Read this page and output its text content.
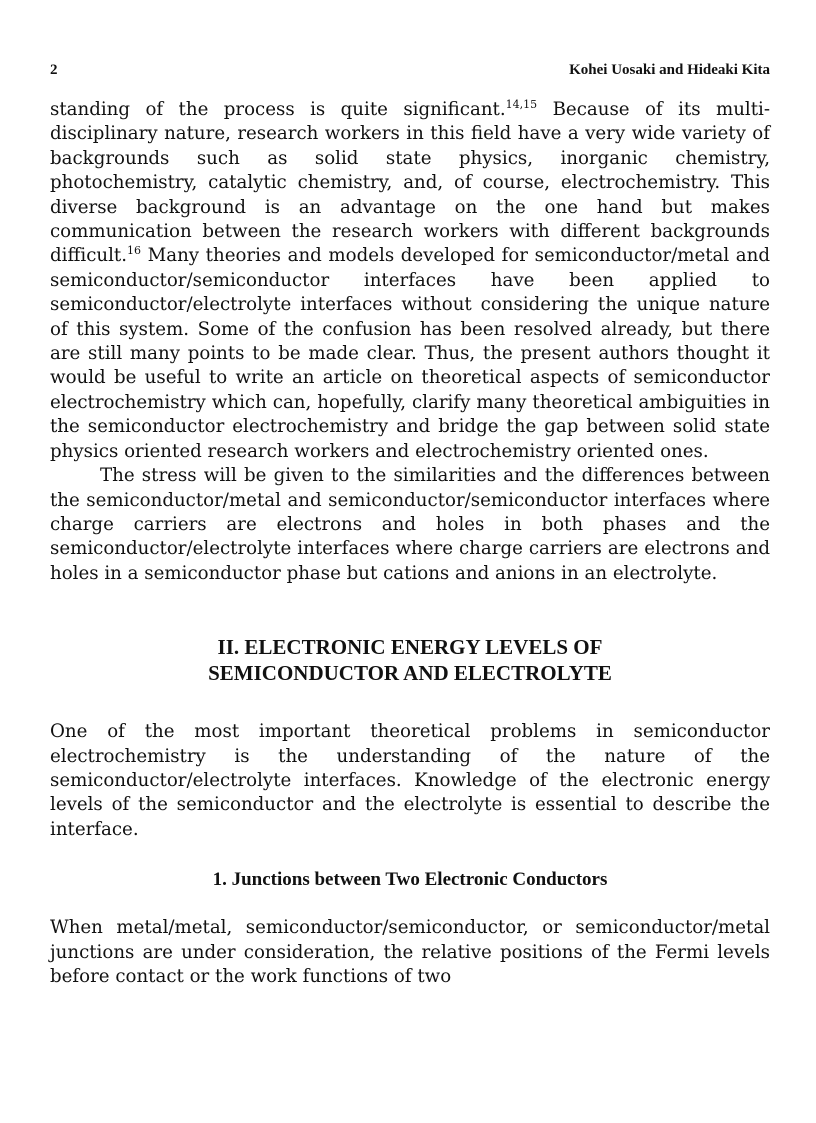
2	Kohei Uosaki and Hideaki Kita

standing of the process is quite significant.$^{14,15}$ Because of its multi-disciplinary nature, research workers in this field have a very wide variety of backgrounds such as solid state physics, inorganic chemistry, photochemistry, catalytic chemistry, and, of course, electrochemistry. This diverse background is an advantage on the one hand but makes communication between the research workers with different backgrounds difficult.$^{16}$ Many theories and models developed for semiconductor/metal and semiconductor/semiconductor interfaces have been applied to semiconductor/electrolyte interfaces without considering the unique nature of this system. Some of the confusion has been resolved already, but there are still many points to be made clear. Thus, the present authors thought it would be useful to write an article on theoretical aspects of semiconductor electrochemistry which can, hopefully, clarify many theoretical ambiguities in the semiconductor electrochemistry and bridge the gap between solid state physics oriented research workers and electrochemistry oriented ones.

The stress will be given to the similarities and the differences between the semiconductor/metal and semiconductor/semiconductor interfaces where charge carriers are electrons and holes in both phases and the semiconductor/electrolyte interfaces where charge carriers are electrons and holes in a semiconductor phase but cations and anions in an electrolyte.

II. ELECTRONIC ENERGY LEVELS OF
SEMICONDUCTOR AND ELECTROLYTE

One of the most important theoretical problems in semiconductor electrochemistry is the understanding of the nature of the semiconductor/electrolyte interfaces. Knowledge of the electronic energy levels of the semiconductor and the electrolyte is essential to describe the interface.

1. Junctions between Two Electronic Conductors

When metal/metal, semiconductor/semiconductor, or semiconductor/metal junctions are under consideration, the relative positions of the Fermi levels before contact or the work functions of two
